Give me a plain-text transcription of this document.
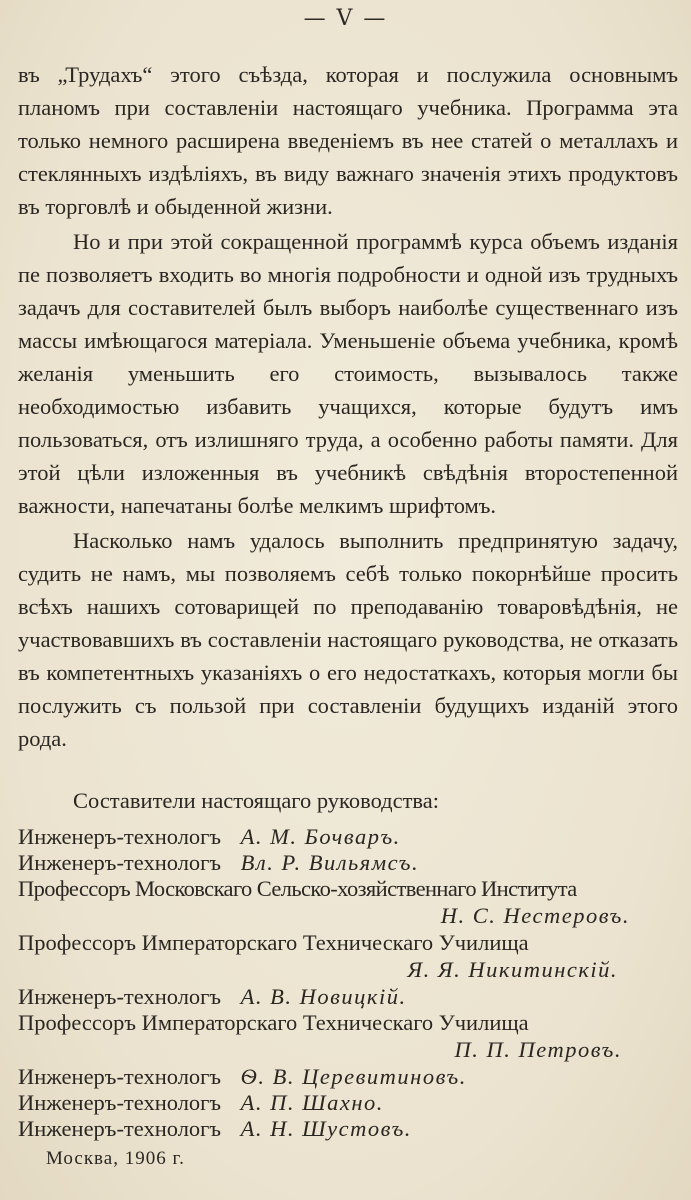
— V —

въ „Трудахъ“ этого съѣзда, которая и послужила основнымъ планомъ при составленіи настоящаго учебника. Программа эта только немного расширена введеніемъ въ нее статей о металлахъ и стеклянныхъ издѣліяхъ, въ виду важнаго значенія этихъ продуктовъ въ торговлѣ и обыденной жизни.

Но и при этой сокращенной программѣ курса объемъ изданія пе позволяетъ входить во многія подробности и одной изъ трудныхъ задачъ для составителей былъ выборъ наиболѣе существеннаго изъ массы имѣющагося матеріала. Уменьшеніе объема учебника, кромѣ желанія уменьшить его стоимость, вызывалось также необходимостью избавить учащихся, которые будутъ имъ пользоваться, отъ излишняго труда, а особенно работы памяти. Для этой цѣли изложенныя въ учебникѣ свѣдѣнія второстепенной важности, напечатаны болѣе мелкимъ шрифтомъ.

Насколько намъ удалось выполнить предпринятую задачу, судить не намъ, мы позволяемъ себѣ только покорнѣйше просить всѣхъ нашихъ сотоварищей по преподаванію товаровѣдѣнія, не участвовавшихъ въ составленіи настоящаго руководства, не отказать въ компетентныхъ указаніяхъ о его недостаткахъ, которыя могли бы послужить съ пользой при составленіи будущихъ изданій этого рода.

Составители настоящаго руководства:
Инженеръ-технологъ А. М. Бочваръ.
Инженеръ-технологъ Вл. Р. Вильямсъ.
Профессоръ Московскаго Сельско-хозяйственнаго Института
Н. С. Нестеровъ.
Профессоръ Императорскаго Техническаго Училища
Я. Я. Никитинскій.
Инженеръ-технологъ А. В. Новицкій.
Профессоръ Императорскаго Техническаго Училища
П. П. Петровъ.
Инженеръ-технологъ Ѳ. В. Церевитиновъ.
Инженеръ-технологъ А. П. Шахно.
Инженеръ-технологъ А. Н. Шустовъ.
Москва, 1906 г.
